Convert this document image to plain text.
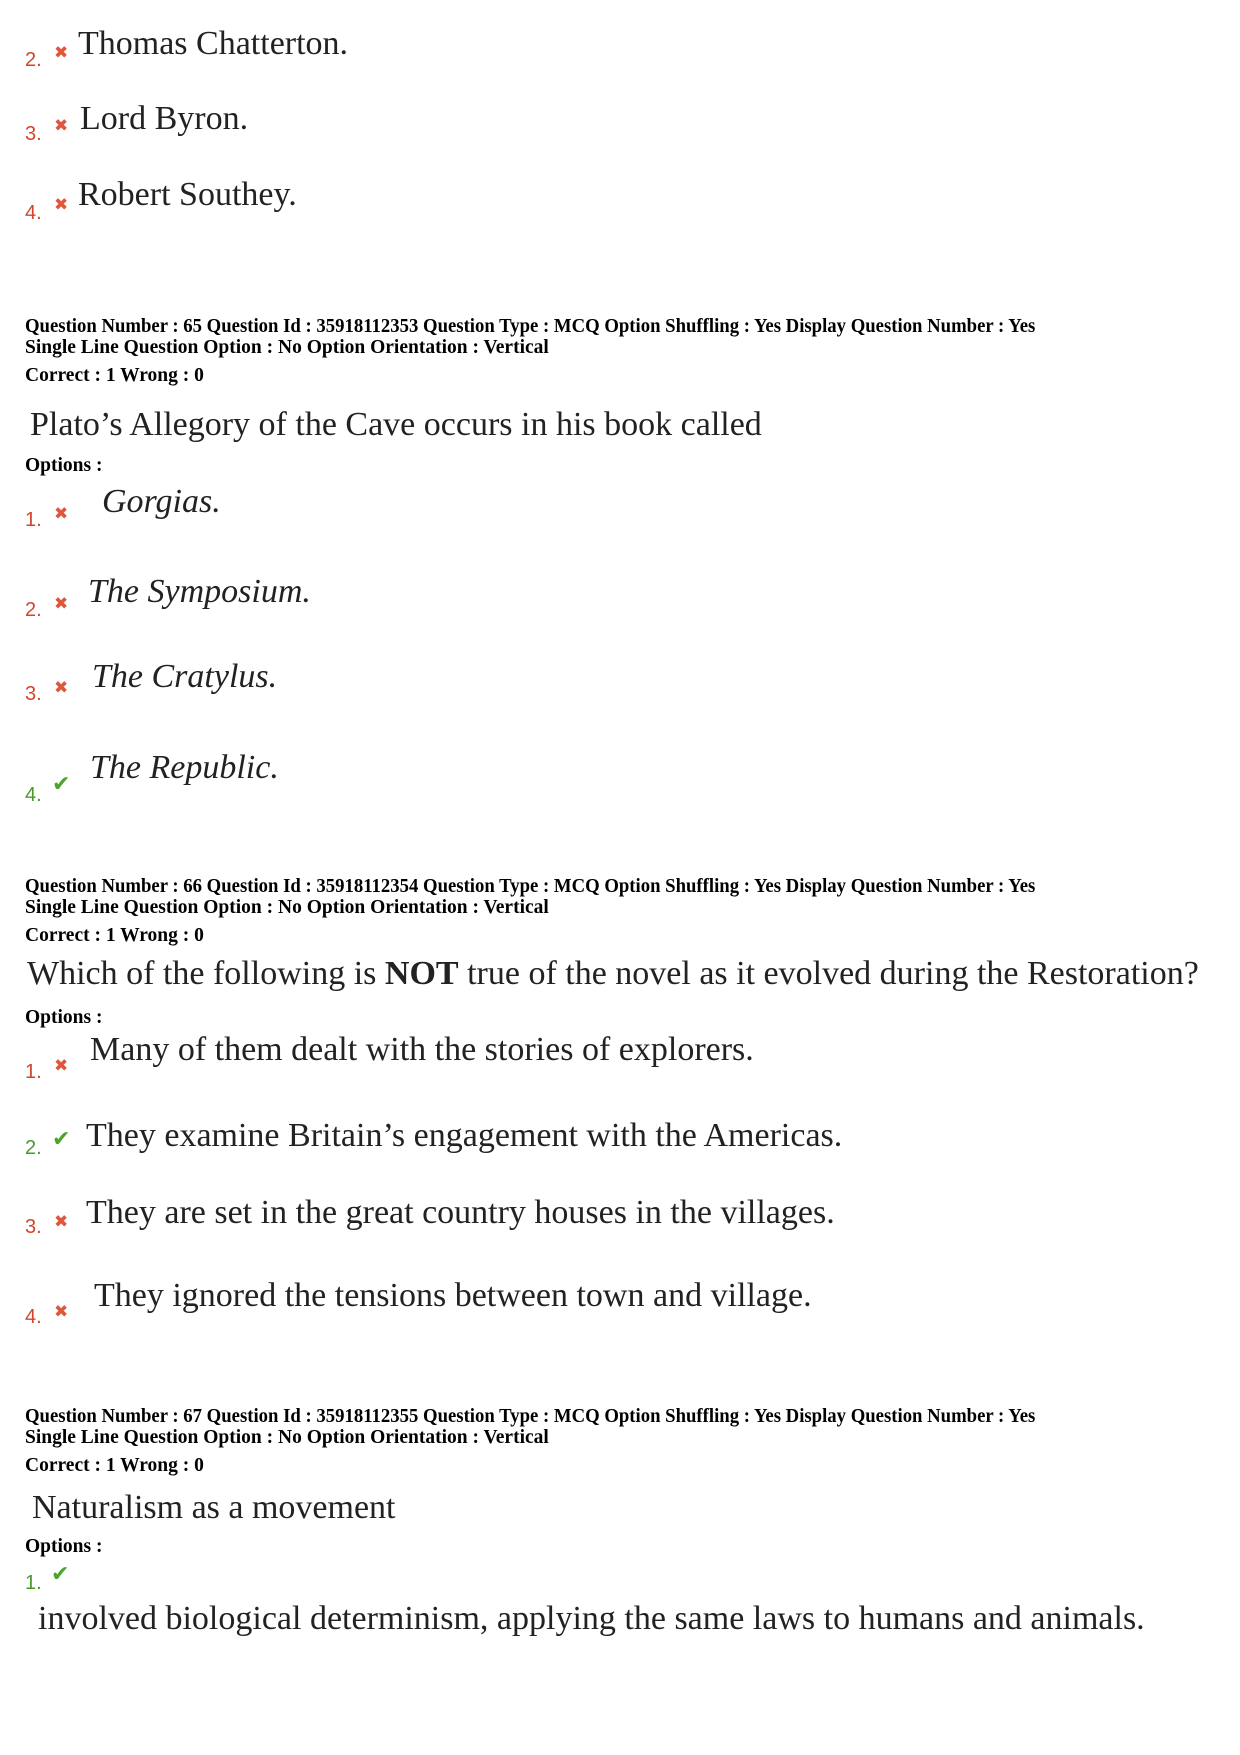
2. ✖ Thomas Chatterton.
3. ✖ Lord Byron.
4. ✖ Robert Southey.
Question Number : 65 Question Id : 35918112353 Question Type : MCQ Option Shuffling : Yes Display Question Number : Yes
Single Line Question Option : No Option Orientation : Vertical
Correct : 1 Wrong : 0
Plato’s Allegory of the Cave occurs in his book called
Options :
1. ✖ Gorgias.
2. ✖ The Symposium.
3. ✖ The Cratylus.
4. ✔ The Republic.
Question Number : 66 Question Id : 35918112354 Question Type : MCQ Option Shuffling : Yes Display Question Number : Yes
Single Line Question Option : No Option Orientation : Vertical
Correct : 1 Wrong : 0
Which of the following is NOT true of the novel as it evolved during the Restoration?
Options :
1. ✖ Many of them dealt with the stories of explorers.
2. ✔ They examine Britain’s engagement with the Americas.
3. ✖ They are set in the great country houses in the villages.
4. ✖ They ignored the tensions between town and village.
Question Number : 67 Question Id : 35918112355 Question Type : MCQ Option Shuffling : Yes Display Question Number : Yes
Single Line Question Option : No Option Orientation : Vertical
Correct : 1 Wrong : 0
Naturalism as a movement
Options :
1. ✔
involved biological determinism, applying the same laws to humans and animals.
